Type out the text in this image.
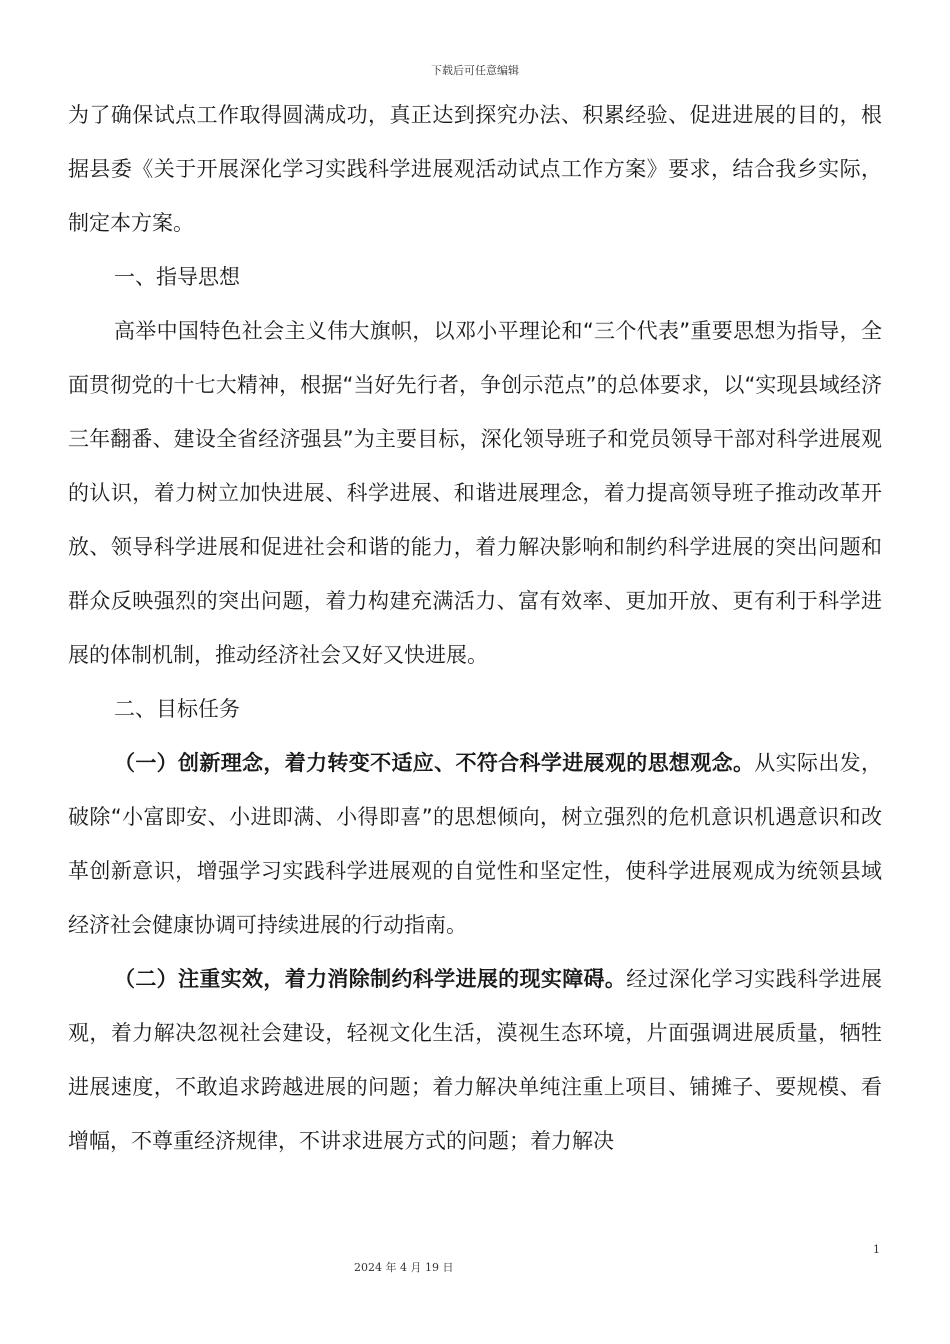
下载后可任意编辑

为了确保试点工作取得圆满成功，真正达到探究办法、积累经验、促进进展的目的，根据县委《关于开展深化学习实践科学进展观活动试点工作方案》要求，结合我乡实际，制定本方案。

一、指导思想

高举中国特色社会主义伟大旗帜，以邓小平理论和“三个代表”重要思想为指导，全面贯彻党的十七大精神，根据“当好先行者，争创示范点”的总体要求，以“实现县域经济三年翻番、建设全省经济强县”为主要目标，深化领导班子和党员领导干部对科学进展观的认识，着力树立加快进展、科学进展、和谐进展理念，着力提高领导班子推动改革开放、领导科学进展和促进社会和谐的能力，着力解决影响和制约科学进展的突出问题和群众反映强烈的突出问题，着力构建充满活力、富有效率、更加开放、更有利于科学进展的体制机制，推动经济社会又好又快进展。

二、目标任务

（一）创新理念，着力转变不适应、不符合科学进展观的思想观念。从实际出发，破除“小富即安、小进即满、小得即喜”的思想倾向，树立强烈的危机意识机遇意识和改革创新意识，增强学习实践科学进展观的自觉性和坚定性，使科学进展观成为统领县域经济社会健康协调可持续进展的行动指南。

（二）注重实效，着力消除制约科学进展的现实障碍。经过深化学习实践科学进展观，着力解决忽视社会建设，轻视文化生活，漠视生态环境，片面强调进展质量，牺牲进展速度，不敢追求跨越进展的问题；着力解决单纯注重上项目、铺摊子、要规模、看增幅，不尊重经济规律，不讲求进展方式的问题；着力解决

1
2024 年 4 月 19 日
